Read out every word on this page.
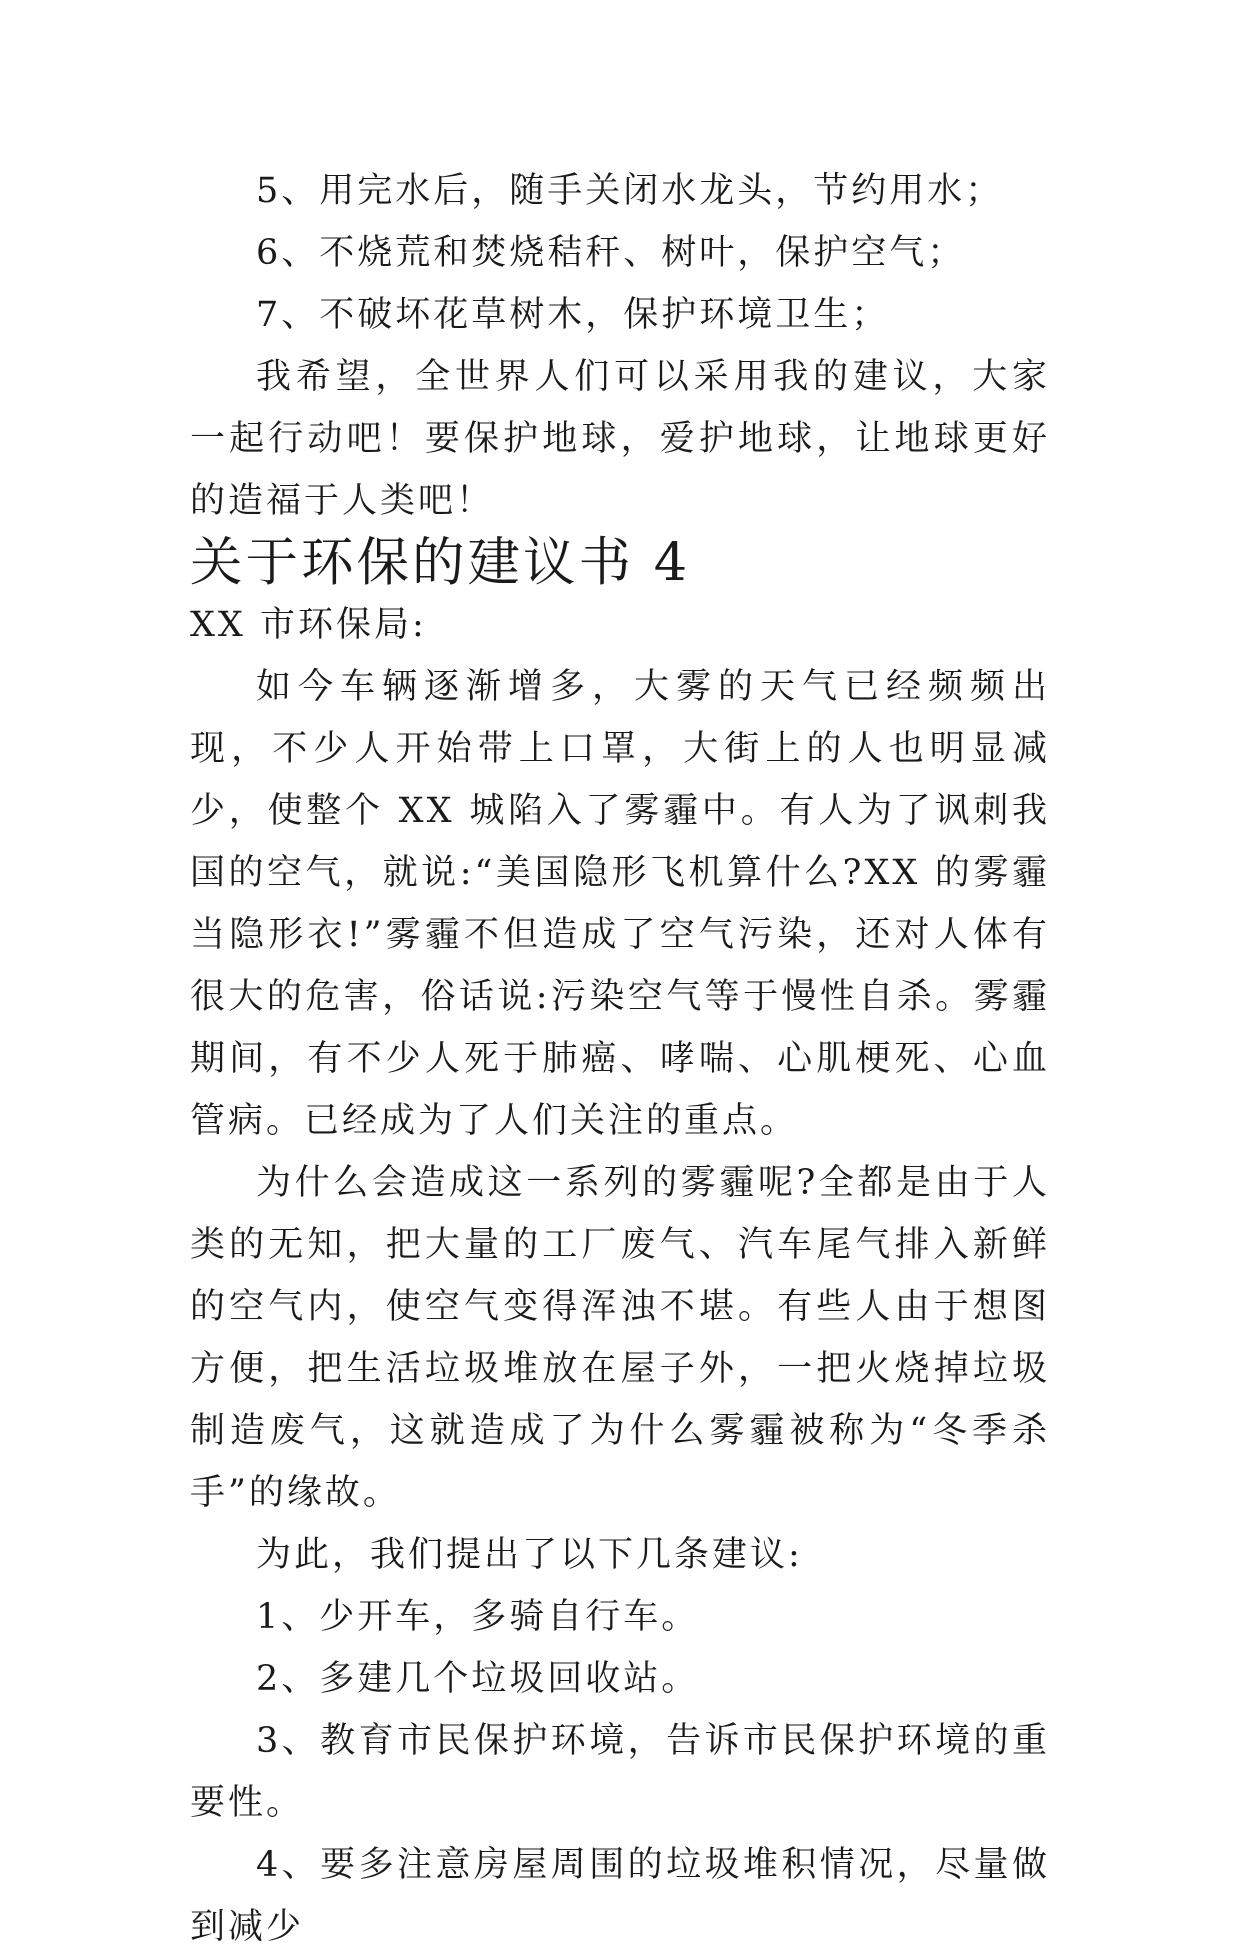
5、用完水后，随手关闭水龙头，节约用水；

6、不烧荒和焚烧秸秆、树叶，保护空气；

7、不破坏花草树木，保护环境卫生；

我希望，全世界人们可以采用我的建议，大家一起行动吧！要保护地球，爱护地球，让地球更好的造福于人类吧！

关于环保的建议书 4

XX 市环保局:

如今车辆逐渐增多，大雾的天气已经频频出现，不少人开始带上口罩，大街上的人也明显减少，使整个 XX 城陷入了雾霾中。有人为了讽刺我国的空气，就说:“美国隐形飞机算什么?XX 的雾霾当隐形衣!”雾霾不但造成了空气污染，还对人体有很大的危害，俗话说:污染空气等于慢性自杀。雾霾期间，有不少人死于肺癌、哮喘、心肌梗死、心血管病。已经成为了人们关注的重点。

为什么会造成这一系列的雾霾呢?全都是由于人类的无知，把大量的工厂废气、汽车尾气排入新鲜的空气内，使空气变得浑浊不堪。有些人由于想图方便，把生活垃圾堆放在屋子外，一把火烧掉垃圾制造废气，这就造成了为什么雾霾被称为“冬季杀手”的缘故。

为此，我们提出了以下几条建议:

1、少开车，多骑自行车。

2、多建几个垃圾回收站。

3、教育市民保护环境，告诉市民保护环境的重要性。

4、要多注意房屋周围的垃圾堆积情况，尽量做到减少
